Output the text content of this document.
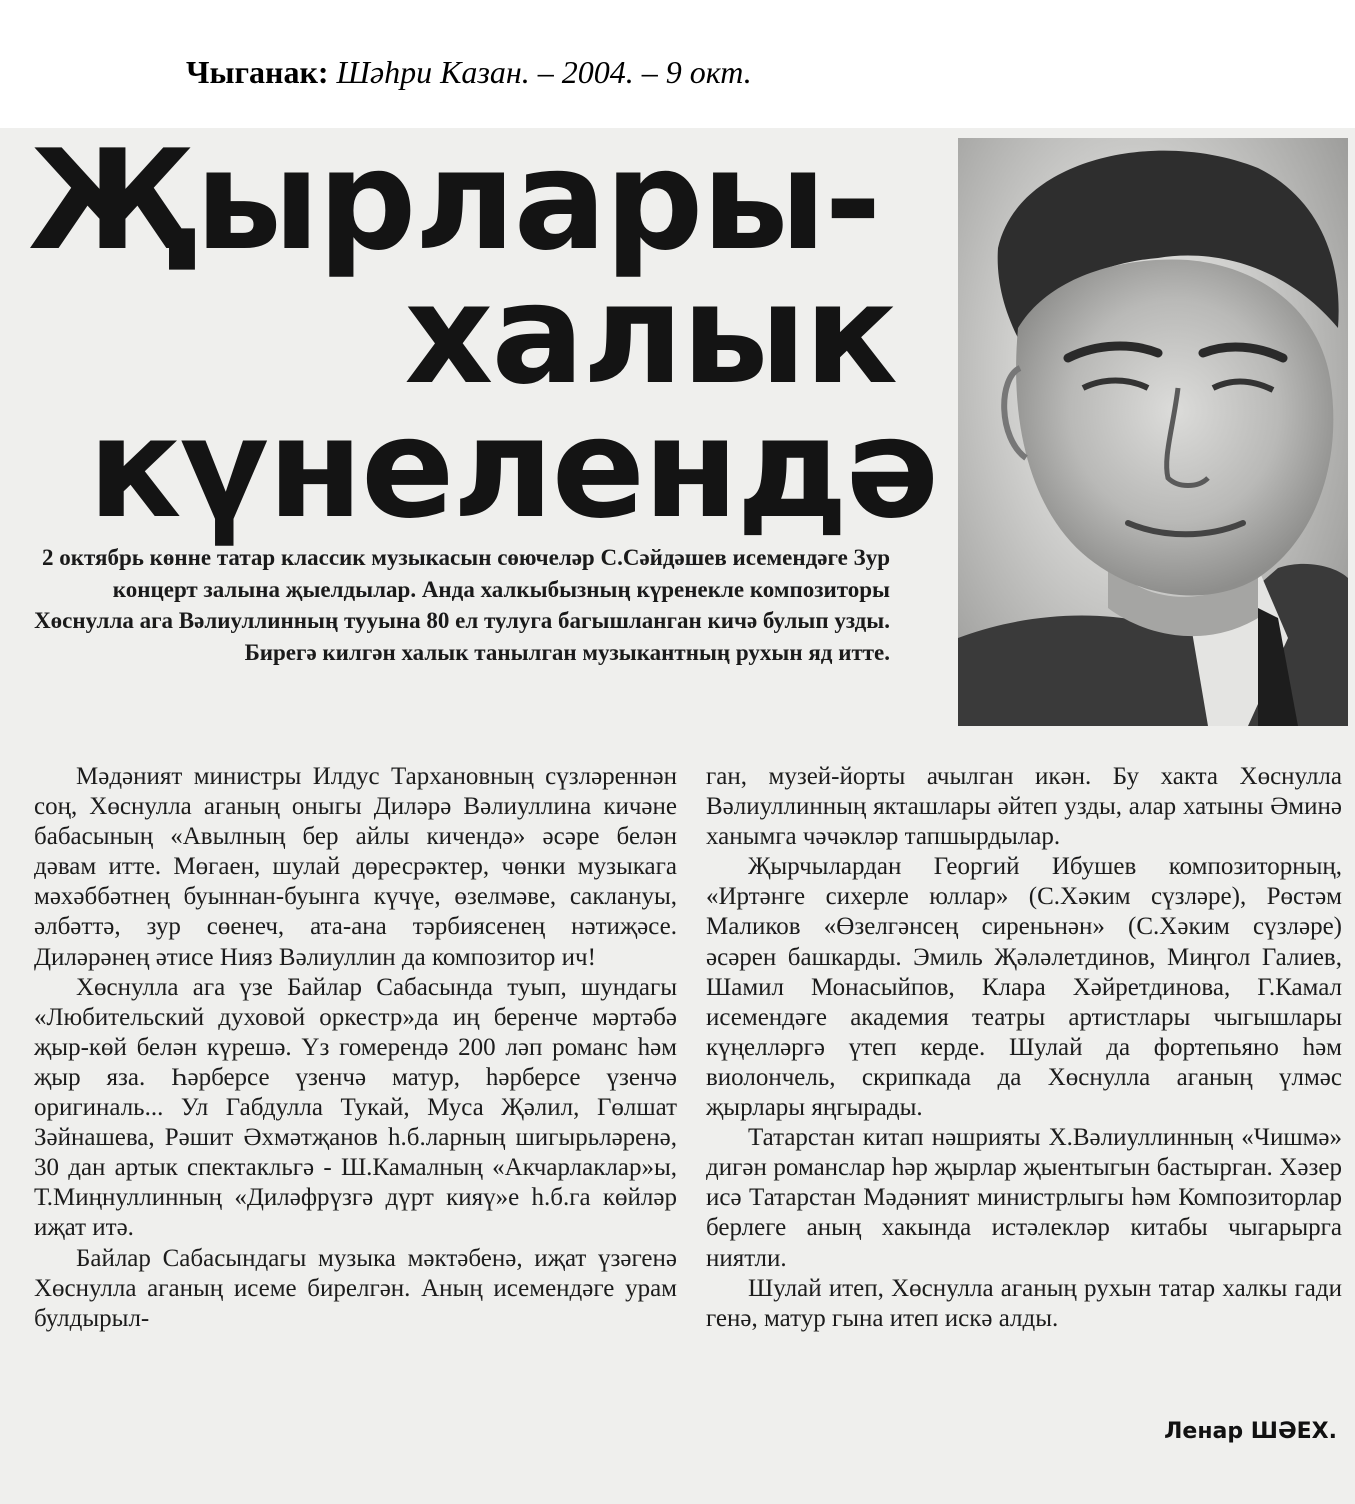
Чыганак: Шәһри Казан. – 2004. – 9 окт.
Җырлары-
халык
күнелендә
2 октябрь көнне татар классик музыкасын сөючеләр С.Сәйдәшев исемендәге Зур концерт залына җыелдылар. Анда халкыбызның күренекле композиторы Хөснулла ага Вәлиуллинның тууына 80 ел тулуга багышланган кичә булып узды. Бирегә килгән халык танылган музыкантның рухын яд итте.

Мәдәният министры Илдус Тархановның сүзләреннән соң, Хөснулла аганың оныгы Диләрә Вәлиуллина кичәне бабасының «Авылның бер айлы кичендә» әсәре белән дәвам итте. Мөгаен, шулай дөресрәктер, чөнки музыкага мәхәббәтнең буыннан-буынга күчүе, өзелмәве, саклануы, әлбәттә, зур сөенеч, ата-ана тәрбиясенең нәтиҗәсе. Диләрәнең әтисе Нияз Вәлиуллин да композитор ич!

Хөснулла ага үзе Байлар Сабасында туып, шундагы «Любительский духовой оркестр»да иң беренче мәртәбә җыр-көй белән күрешә. Үз гомерендә 200 ләп романс һәм җыр яза. Һәрберсе үзенчә матур, һәрберсе үзенчә оригиналь... Ул Габдулла Тукай, Муса Җәлил, Гөлшат Зәйнашева, Рәшит Әхмәтҗанов һ.б.ларның шигырьләренә, 30 дан артык спектакльгә - Ш.Камалның «Акчарлаклар»ы, Т.Миңнуллинның «Диләфрүзгә дүрт кияү»е һ.б.га көйләр иҗат итә.

Байлар Сабасындагы музыка мәктәбенә, иҗат үзәгенә Хөснулла аганың исеме бирелгән. Аның исемендәге урам булдырыл-

ган, музей-йорты ачылган икән. Бу хакта Хөснулла Вәлиуллинның якташлары әйтеп узды, алар хатыны Әминә ханымга чәчәкләр тапшырдылар.

Җырчылардан Георгий Ибушев композиторның, «Иртәнге сихерле юллар» (С.Хәким сүзләре), Рөстәм Маликов «Өзелгәнсең сиреньнән» (С.Хәким сүзләре) әсәрен башкарды. Эмиль Җәләлетдинов, Миңгол Галиев, Шамил Монасыйпов, Клара Хәйретдинова, Г.Камал исемендәге академия театры артистлары чыгышлары күңелләргә үтеп керде. Шулай да фортепьяно һәм виолончель, скрипкада да Хөснулла аганың үлмәс җырлары яңгырады.

Татарстан китап нәшрияты Х.Вәлиуллинның «Чишмә» дигән романслар һәр җырлар җыентыгын бастырган. Хәзер исә Татарстан Мәдәният министрлыгы һәм Композиторлар берлеге аның хакында истәлекләр китабы чыгарырга ниятли.

Шулай итеп, Хөснулла аганың рухын татар халкы гади генә, матур гына итеп искә алды.

Ленар ШӘЕХ.
